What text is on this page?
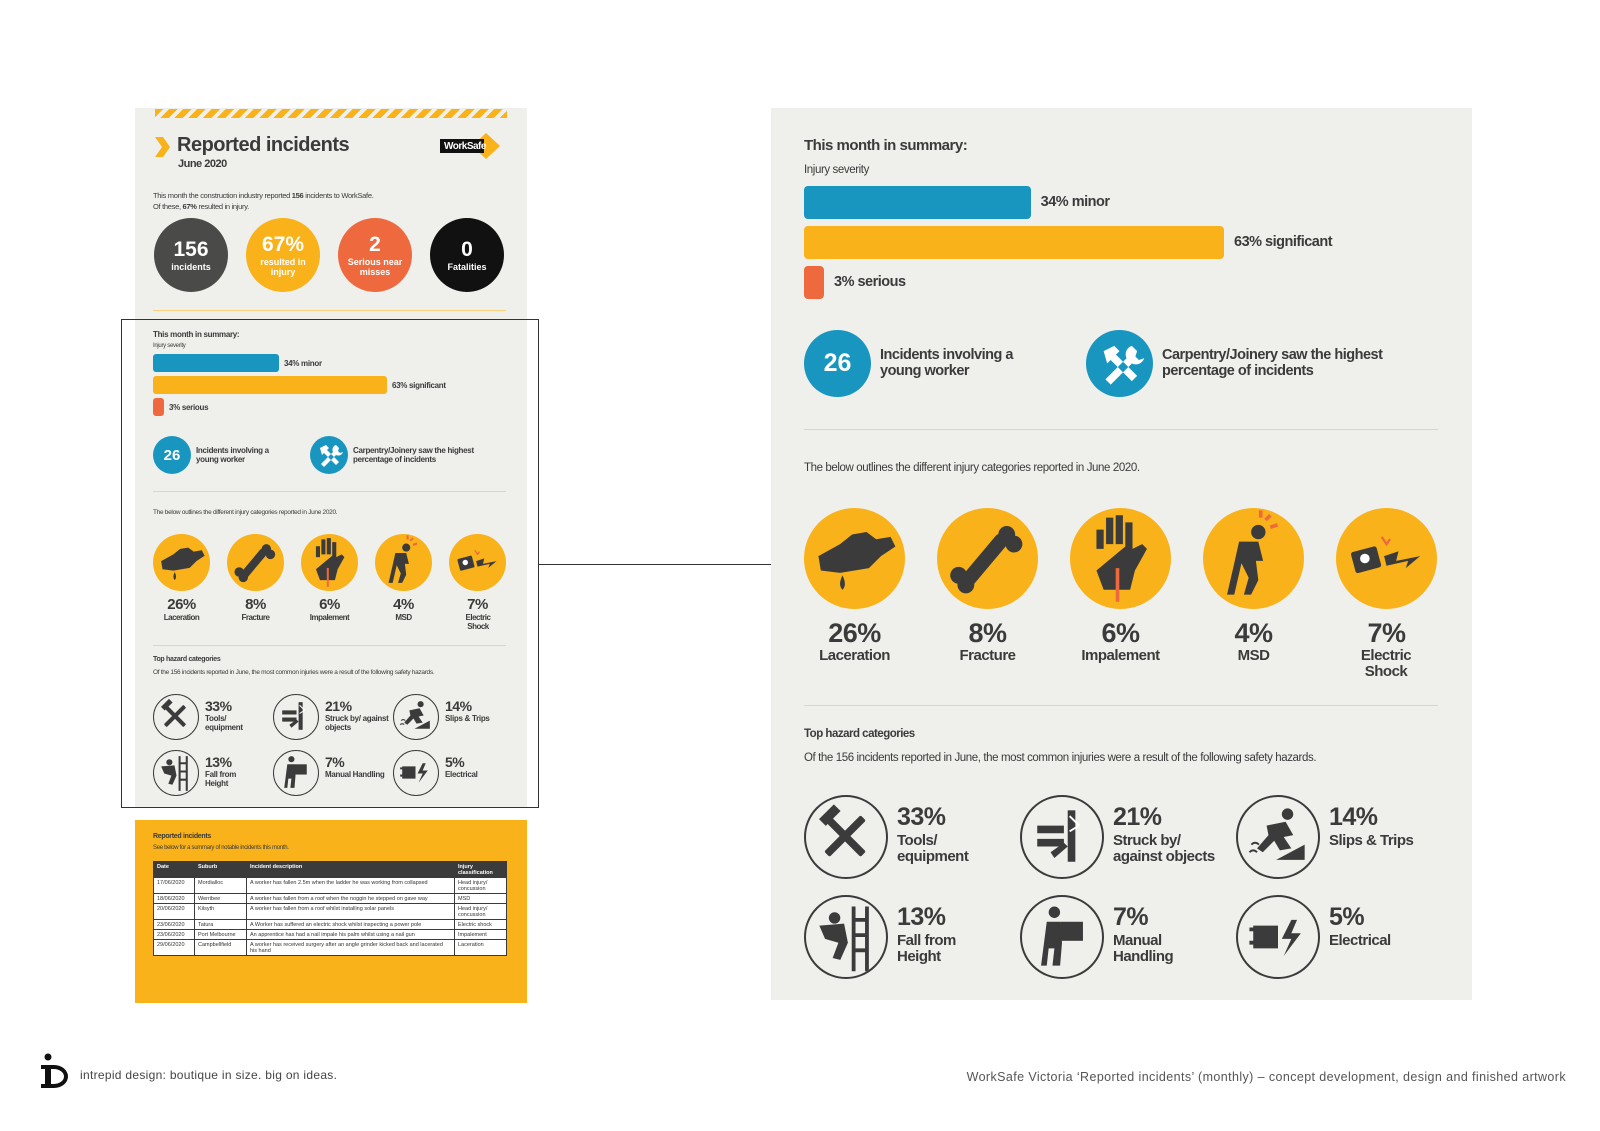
Reported incidents
June 2020
WorkSafe
This month the construction industry reported 156 incidents to WorkSafe.
Of these, 67% resulted in injury.
156
incidents
67%
resulted in injury
2
Serious near misses
0
Fatalities
This month in summary:
Injury severity
34% minor
63% significant
3% serious
26	Incidents involving a young worker
Carpentry/Joinery saw the highest percentage of incidents
The below outlines the different injury categories reported in June 2020.
26%
Laceration
8%
Fracture
6%
Impalement
4%
MSD
7%
Electric Shock
Top hazard categories
Of the 156 incidents reported in June, the most common injuries were a result of the following safety hazards.
33%
Tools/ equipment
21%
Struck by/ against objects
14%
Slips & Trips
13%
Fall from Height
7%
Manual Handling
5%
Electrical
Reported incidents
See below for a summary of notable incidents this month.
Date	Suburb	Incident description	Injury classification
17/06/2020	Mordialloc	A worker has fallen 2.5m when the ladder he was working from collapsed	Head injury/ concussion
18/06/2020	Werribee	A worker has fallen from a roof when the noggin he stepped on gave way	MSD
20/06/2020	Kilsyth	A worker has fallen from a roof whilst installing solar panels	Head injury/ concussion
23/06/2020	Tatura	A Worker has suffered an electric shock whilst inspecting a power pole	Electric shock
23/06/2020	Port Melbourne	An apprentice has had a nail impale his palm whilst using a nail gun	Impalement
29/06/2020	Campbellfield	A worker has received surgery after an angle grinder kicked back and lacerated his hand	Laceration
This month in summary:
Injury severity
34% minor
63% significant
3% serious
26	Incidents involving a young worker
Carpentry/Joinery saw the highest percentage of incidents
The below outlines the different injury categories reported in June 2020.
26%
Laceration
8%
Fracture
6%
Impalement
4%
MSD
7%
Electric Shock
Top hazard categories
Of the 156 incidents reported in June, the most common injuries were a result of the following safety hazards.
33%
Tools/ equipment
21%
Struck by/ against objects
14%
Slips & Trips
13%
Fall from Height
7%
Manual Handling
5%
Electrical
intrepid design: boutique in size. big on ideas.	WorkSafe Victoria ‘Reported incidents’ (monthly) – concept development, design and finished artwork
